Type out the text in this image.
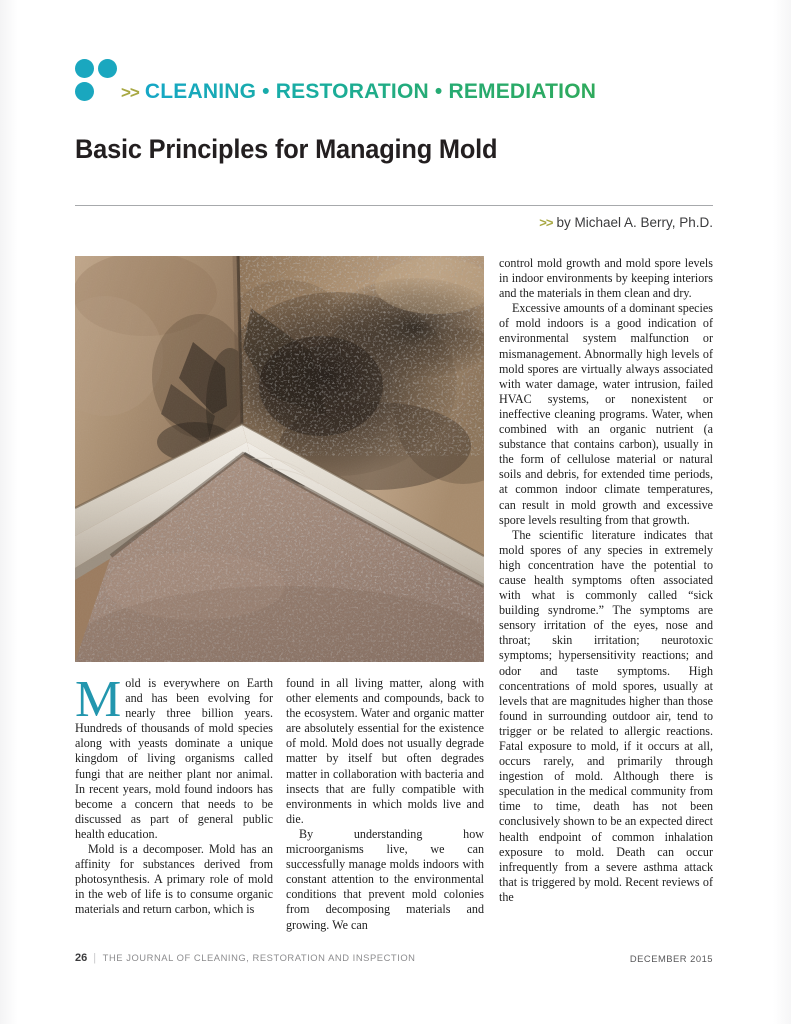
>> CLEANING • RESTORATION • REMEDIATION
Basic Principles for Managing Mold
>> by Michael A. Berry, Ph.D.

Mold is everywhere on Earth and has been evolving for nearly three billion years. Hundreds of thousands of mold species along with yeasts dominate a unique kingdom of living organisms called fungi that are neither plant nor animal. In recent years, mold found indoors has become a concern that needs to be discussed as part of general public health education.

Mold is a decomposer. Mold has an affinity for substances derived from photosynthesis. A primary role of mold in the web of life is to consume organic materials and return carbon, which is

found in all living matter, along with other elements and compounds, back to the ecosystem. Water and organic matter are absolutely essential for the existence of mold. Mold does not usually degrade matter by itself but often degrades matter in collaboration with bacteria and insects that are fully compatible with environments in which molds live and die.

By understanding how microorganisms live, we can successfully manage molds indoors with constant attention to the environmental conditions that prevent mold colonies from decomposing materials and growing. We can

control mold growth and mold spore levels in indoor environments by keeping interiors and the materials in them clean and dry.

Excessive amounts of a dominant species of mold indoors is a good indication of environmental system malfunction or mismanagement. Abnormally high levels of mold spores are virtually always associated with water damage, water intrusion, failed HVAC systems, or nonexistent or ineffective cleaning programs. Water, when combined with an organic nutrient (a substance that contains carbon), usually in the form of cellulose material or natural soils and debris, for extended time periods, at common indoor climate temperatures, can result in mold growth and excessive spore levels resulting from that growth.

The scientific literature indicates that mold spores of any species in extremely high concentration have the potential to cause health symptoms often associated with what is commonly called “sick building syndrome.” The symptoms are sensory irritation of the eyes, nose and throat; skin irritation; neurotoxic symptoms; hypersensitivity reactions; and odor and taste symptoms. High concentrations of mold spores, usually at levels that are magnitudes higher than those found in surrounding outdoor air, tend to trigger or be related to allergic reactions. Fatal exposure to mold, if it occurs at all, occurs rarely, and primarily through ingestion of mold. Although there is speculation in the medical community from time to time, death has not been conclusively shown to be an expected direct health endpoint of common inhalation exposure to mold. Death can occur infrequently from a severe asthma attack that is triggered by mold. Recent reviews of the

26 | THE JOURNAL OF CLEANING, RESTORATION AND INSPECTION	DECEMBER 2015
